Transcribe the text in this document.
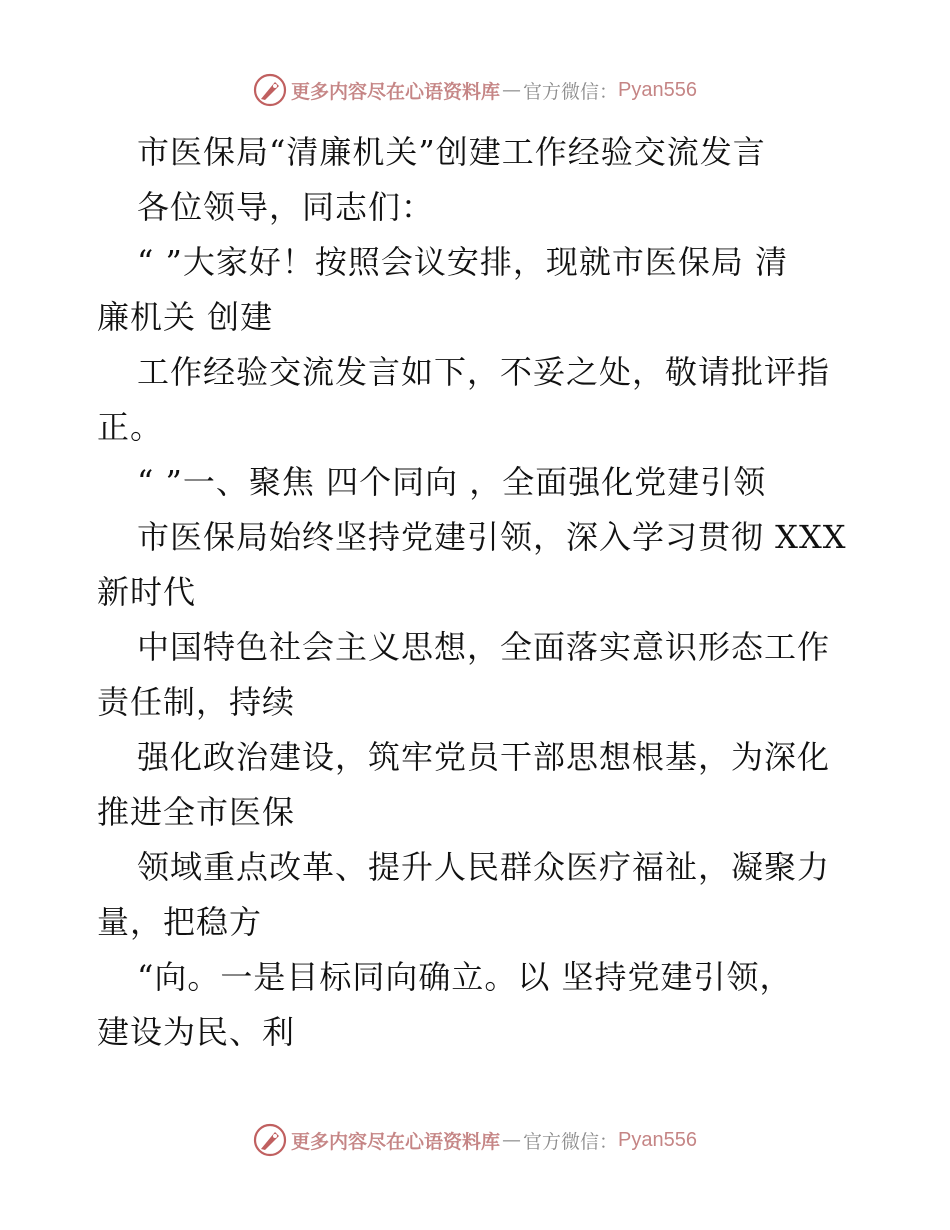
更多内容尽在心语资料库 — 官方微信： Pyan556

市医保局“清廉机关”创建工作经验交流发言

各位领导，同志们：

“ ”大家好！按照会议安排，现就市医保局 清

廉机关 创建

工作经验交流发言如下，不妥之处，敬请批评指

正。

“ ”一、聚焦 四个同向 ，全面强化党建引领

市医保局始终坚持党建引领，深入学习贯彻 XXX

新时代

中国特色社会主义思想，全面落实意识形态工作

责任制，持续

强化政治建设，筑牢党员干部思想根基，为深化

推进全市医保

领域重点改革、提升人民群众医疗福祉，凝聚力

量，把稳方

“向。一是目标同向确立。以 坚持党建引领，

建设为民、利

更多内容尽在心语资料库 — 官方微信： Pyan556
